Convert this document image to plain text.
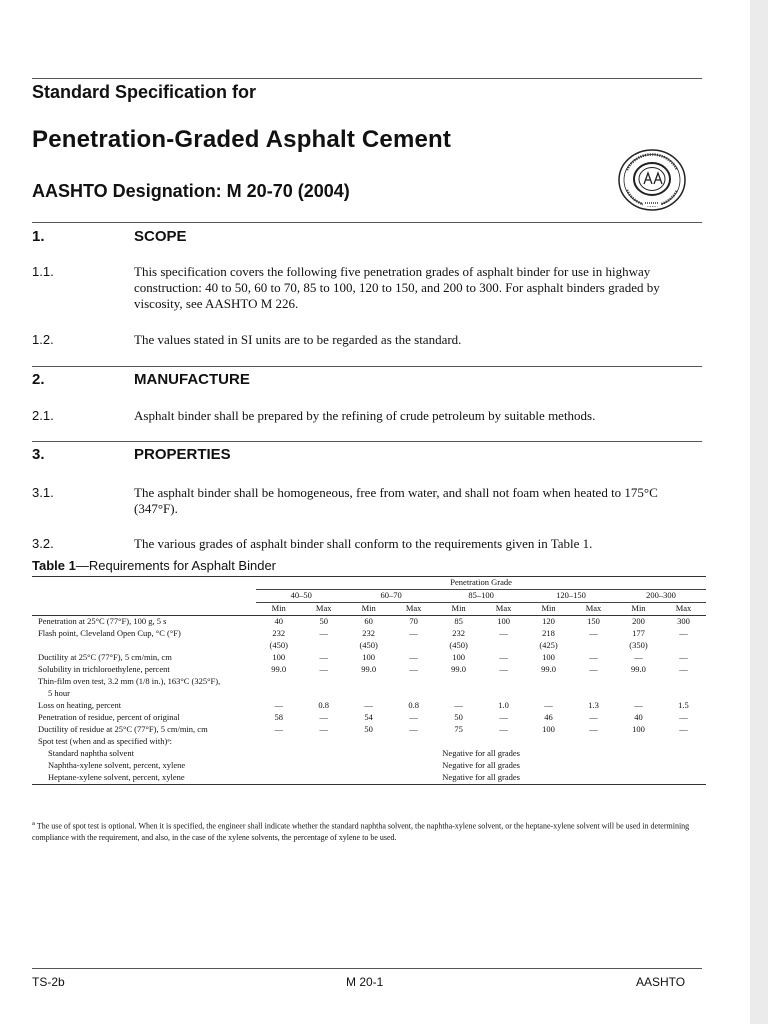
Standard Specification for
Penetration-Graded Asphalt Cement
AASHTO Designation: M 20-70 (2004)
1.	SCOPE
1.1.	This specification covers the following five penetration grades of asphalt binder for use in highway construction: 40 to 50, 60 to 70, 85 to 100, 120 to 150, and 200 to 300. For asphalt binders graded by viscosity, see AASHTO M 226.
1.2.	The values stated in SI units are to be regarded as the standard.
2.	MANUFACTURE
2.1.	Asphalt binder shall be prepared by the refining of crude petroleum by suitable methods.
3.	PROPERTIES
3.1.	The asphalt binder shall be homogeneous, free from water, and shall not foam when heated to 175°C (347°F).
3.2.	The various grades of asphalt binder shall conform to the requirements given in Table 1.
Table 1—Requirements for Asphalt Binder
	Penetration Grade									
	40–50		60–70		85–100		120–150		200–300	
	Min	Max	Min	Max	Min	Max	Min	Max	Min	Max
Penetration at 25°C (77°F), 100 g, 5 s	40	50	60	70	85	100	120	150	200	300
Flash point, Cleveland Open Cup, °C (°F)	232	—	232	—	232	—	218	—	177	—
	(450)		(450)		(450)		(425)		(350)	
Ductility at 25°C (77°F), 5 cm/min, cm	100	—	100	—	100	—	100	—	—	—
Solubility in trichloroethylene, percent	99.0	—	99.0	—	99.0	—	99.0	—	99.0	—
Thin-film oven test, 3.2 mm (1/8 in.), 163°C (325°F),										
5 hour										
Loss on heating, percent	—	0.8	—	0.8	—	1.0	—	1.3	—	1.5
Penetration of residue, percent of original	58	—	54	—	50	—	46	—	40	—
Ductility of residue at 25°C (77°F), 5 cm/min, cm	—	—	50	—	75	—	100	—	100	—
Spot test (when and as specified with)ᵃ:										
Standard naphtha solvent	Negative for all grades									
Naphtha-xylene solvent, percent, xylene	Negative for all grades									
Heptane-xylene solvent, percent, xylene	Negative for all grades									
$^a$ The use of spot test is optional. When it is specified, the engineer shall indicate whether the standard naphtha solvent, the naphtha-xylene solvent, or the heptane-xylene solvent will be used in determining compliance with the requirement, and also, in the case of the xylene solvents, the percentage of xylene to be used.
TS-2b	M 20-1	AASHTO
